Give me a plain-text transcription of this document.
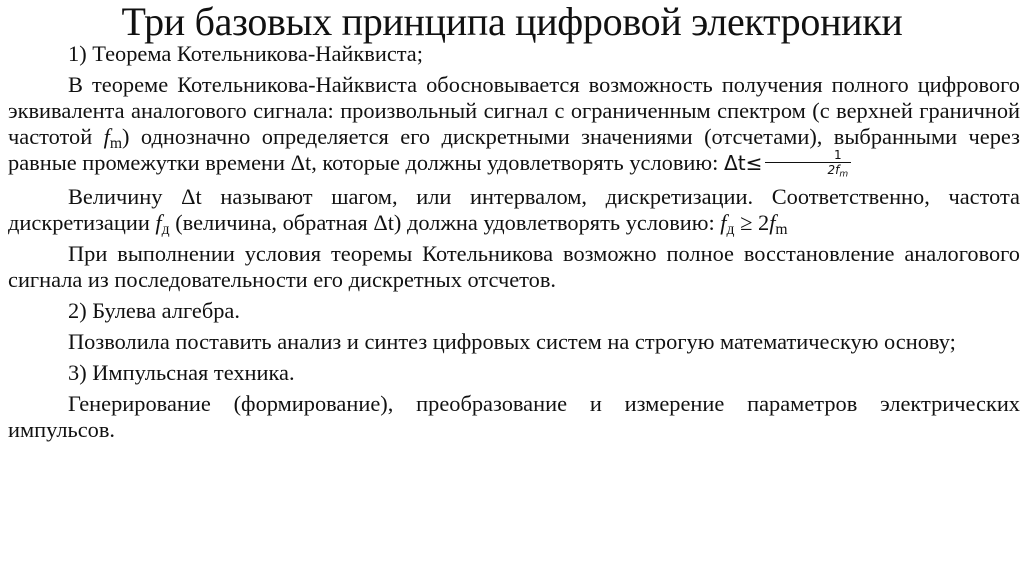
Три базовых принципа цифровой электроники

1) Теорема Котельникова-Найквиста;

В теореме Котельникова-Найквиста обосновывается возможность получения полного цифрового эквивалента аналогового сигнала: произвольный сигнал с ограниченным спектром (с верхней граничной частотой $f_m$) однозначно определяется его дискретными значениями (отсчетами), выбранными через равные промежутки времени Δt, которые должны удовлетворять условию: $\Delta t\le \frac{1}{2f_m}$

Величину Δt называют шагом, или интервалом, дискретизации. Соответственно, частота дискретизации $f_д$ (величина, обратная Δt) должна удовлетворять условию: $f_д \ge 2f_m$

При выполнении условия теоремы Котельникова возможно полное восстановление аналогового сигнала из последовательности его дискретных отсчетов.

2) Булева алгебра.

Позволила поставить анализ и синтез цифровых систем на строгую математическую основу;

3) Импульсная техника.

Генерирование (формирование), преобразование и измерение параметров электрических импульсов.
